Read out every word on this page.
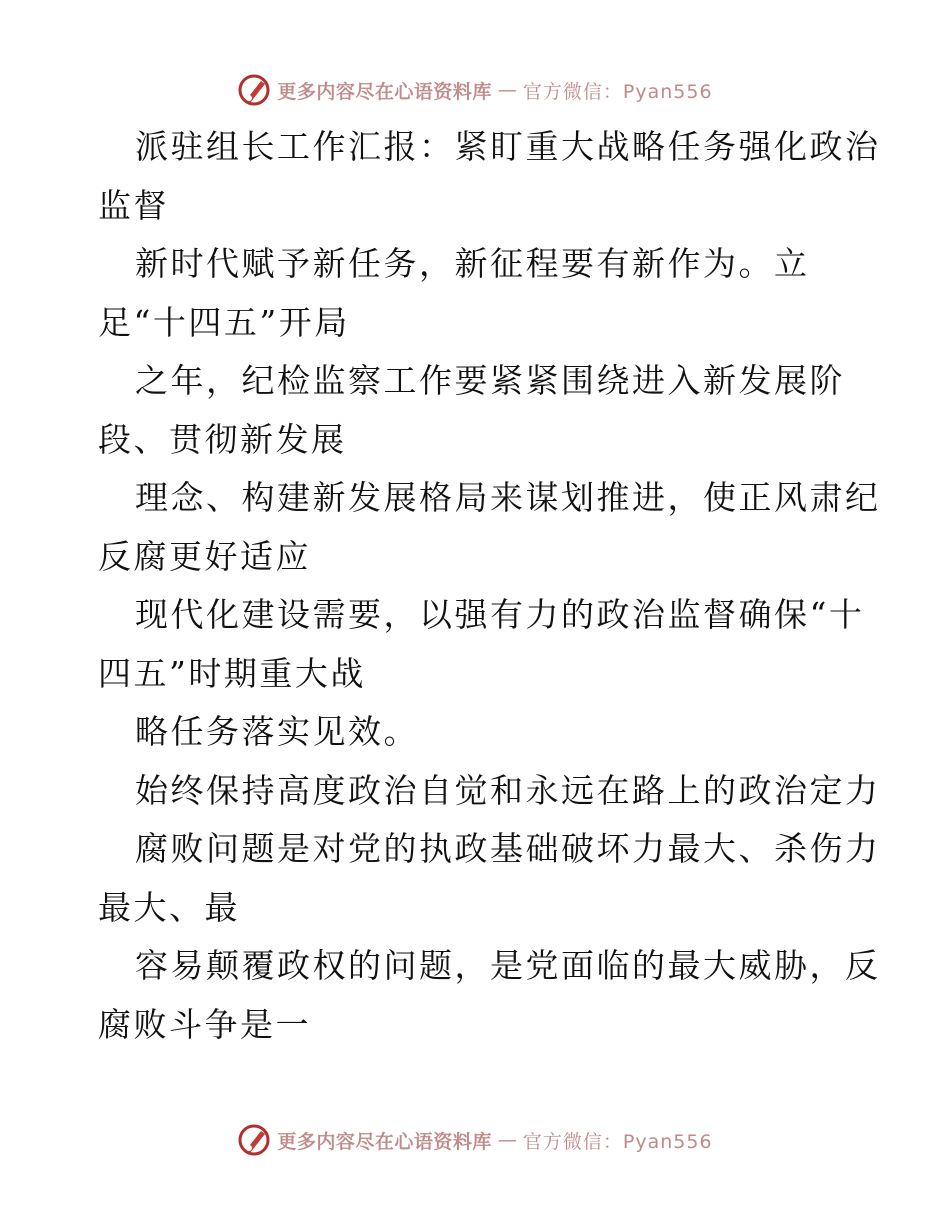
更多内容尽在心语资料库 — 官方微信：Pyan556
派驻组长工作汇报：紧盯重大战略任务强化政治
监督
新时代赋予新任务，新征程要有新作为。立
足“十四五”开局
之年，纪检监察工作要紧紧围绕进入新发展阶
段、贯彻新发展
理念、构建新发展格局来谋划推进，使正风肃纪
反腐更好适应
现代化建设需要，以强有力的政治监督确保“十
四五”时期重大战
略任务落实见效。
始终保持高度政治自觉和永远在路上的政治定力
腐败问题是对党的执政基础破坏力最大、杀伤力
最大、最
容易颠覆政权的问题，是党面临的最大威胁，反
腐败斗争是一
更多内容尽在心语资料库 — 官方微信：Pyan556
